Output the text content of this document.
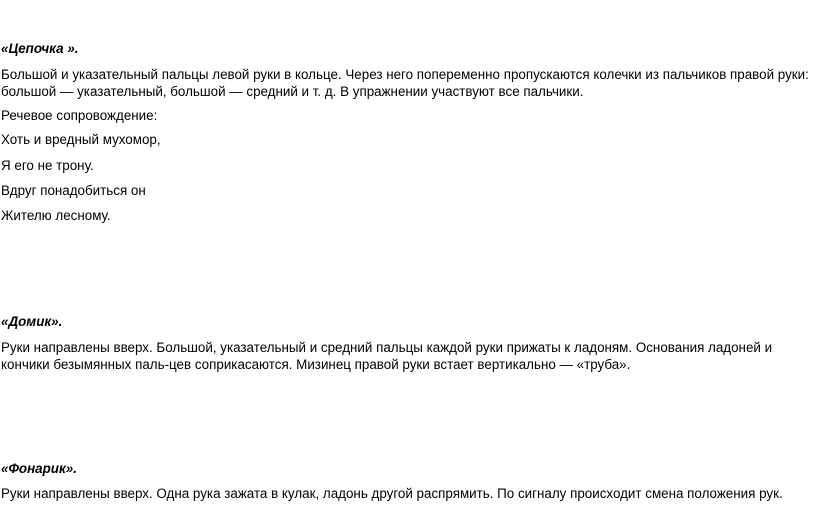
«Цепочка ».
Большой и указательный пальцы левой руки в кольце. Через него попеременно пропускаются колечки из пальчиков правой руки:
большой — указательный, большой — средний и т. д. В упражнении участвуют все пальчики.
Речевое сопровождение:
Хоть и вредный мухомор,
Я его не трону.
Вдруг понадобиться он
Жителю лесному.
«Домик».
Руки направлены вверх. Большой, указательный и средний пальцы каждой руки прижаты к ладоням. Основания ладоней и
кончики безымянных паль-цев соприкасаются. Мизинец правой руки встает вертикально — «труба».
«Фонарик».
Руки направлены вверх. Одна рука зажата в кулак, ладонь другой распрямить. По сигналу происходит смена положения рук.
